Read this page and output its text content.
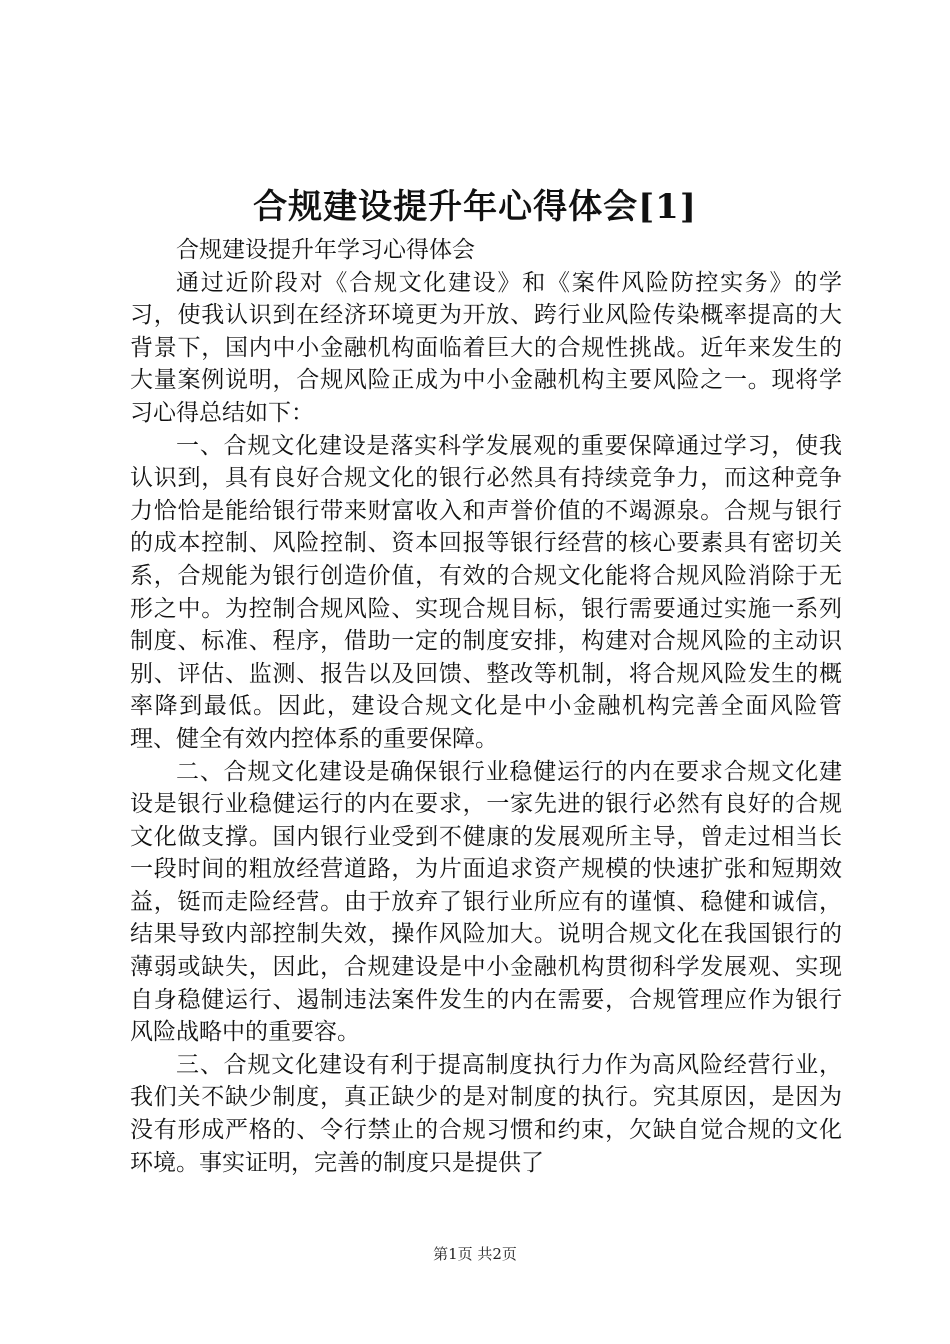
合规建设提升年心得体会[1]

合规建设提升年学习心得体会

通过近阶段对《合规文化建设》和《案件风险防控实务》的学习，使我认识到在经济环境更为开放、跨行业风险传染概率提高的大背景下，国内中小金融机构面临着巨大的合规性挑战。近年来发生的大量案例说明，合规风险正成为中小金融机构主要风险之一。现将学习心得总结如下：

一、合规文化建设是落实科学发展观的重要保障通过学习，使我认识到，具有良好合规文化的银行必然具有持续竞争力，而这种竞争力恰恰是能给银行带来财富收入和声誉价值的不竭源泉。合规与银行的成本控制、风险控制、资本回报等银行经营的核心要素具有密切关系，合规能为银行创造价值，有效的合规文化能将合规风险消除于无形之中。为控制合规风险、实现合规目标，银行需要通过实施一系列制度、标准、程序，借助一定的制度安排，构建对合规风险的主动识别、评估、监测、报告以及回馈、整改等机制，将合规风险发生的概率降到最低。因此，建设合规文化是中小金融机构完善全面风险管理、健全有效内控体系的重要保障。

二、合规文化建设是确保银行业稳健运行的内在要求合规文化建设是银行业稳健运行的内在要求，一家先进的银行必然有良好的合规文化做支撑。国内银行业受到不健康的发展观所主导，曾走过相当长一段时间的粗放经营道路，为片面追求资产规模的快速扩张和短期效益，铤而走险经营。由于放弃了银行业所应有的谨慎、稳健和诚信，结果导致内部控制失效，操作风险加大。说明合规文化在我国银行的薄弱或缺失，因此，合规建设是中小金融机构贯彻科学发展观、实现自身稳健运行、遏制违法案件发生的内在需要，合规管理应作为银行风险战略中的重要容。

三、合规文化建设有利于提高制度执行力作为高风险经营行业，我们关不缺少制度，真正缺少的是对制度的执行。究其原因，是因为没有形成严格的、令行禁止的合规习惯和约束，欠缺自觉合规的文化环境。事实证明，完善的制度只是提供了

第1页 共2页
